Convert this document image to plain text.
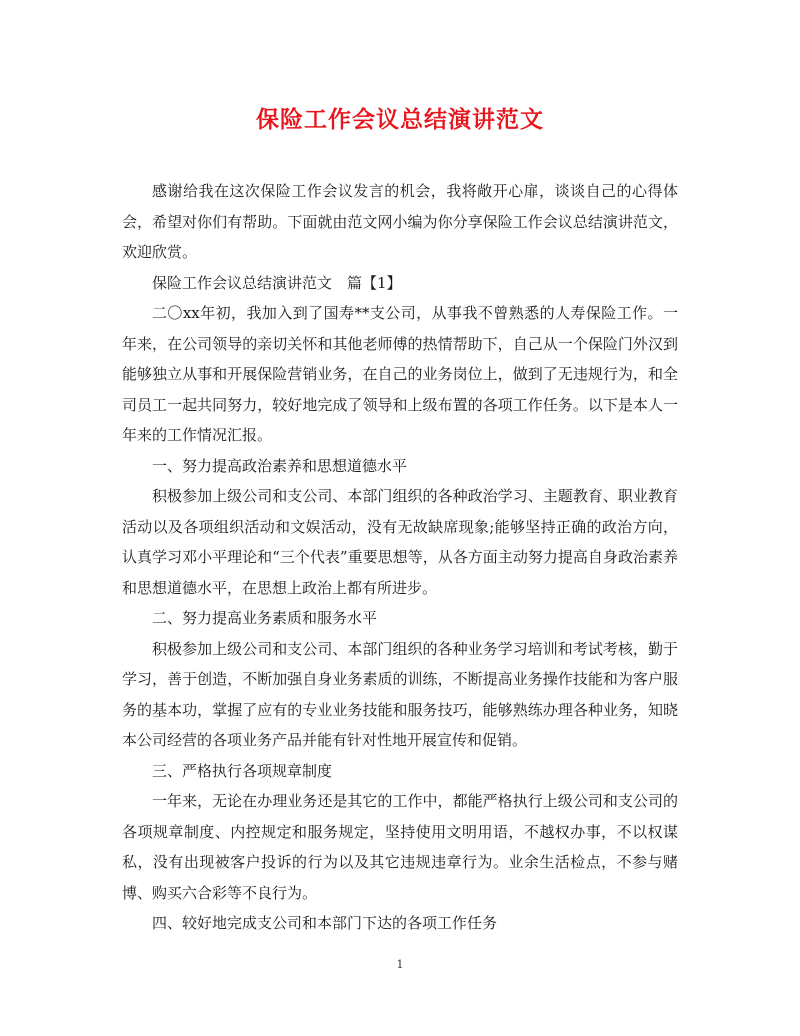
保险工作会议总结演讲范文

感谢给我在这次保险工作会议发言的机会，我将敞开心扉，谈谈自己的心得体会，希望对你们有帮助。下面就由范文网小编为你分享保险工作会议总结演讲范文，欢迎欣赏。

保险工作会议总结演讲范文　篇【1】

二〇xx年初，我加入到了国寿**支公司，从事我不曾熟悉的人寿保险工作。一年来，在公司领导的亲切关怀和其他老师傅的热情帮助下，自己从一个保险门外汉到能够独立从事和开展保险营销业务，在自己的业务岗位上，做到了无违规行为，和全司员工一起共同努力，较好地完成了领导和上级布置的各项工作任务。以下是本人一年来的工作情况汇报。

一、努力提高政治素养和思想道德水平

积极参加上级公司和支公司、本部门组织的各种政治学习、主题教育、职业教育活动以及各项组织活动和文娱活动，没有无故缺席现象;能够坚持正确的政治方向，认真学习邓小平理论和“三个代表”重要思想等，从各方面主动努力提高自身政治素养和思想道德水平，在思想上政治上都有所进步。

二、努力提高业务素质和服务水平

积极参加上级公司和支公司、本部门组织的各种业务学习培训和考试考核，勤于学习，善于创造，不断加强自身业务素质的训练，不断提高业务操作技能和为客户服务的基本功，掌握了应有的专业业务技能和服务技巧，能够熟练办理各种业务，知晓本公司经营的各项业务产品并能有针对性地开展宣传和促销。

三、严格执行各项规章制度

一年来，无论在办理业务还是其它的工作中，都能严格执行上级公司和支公司的各项规章制度、内控规定和服务规定，坚持使用文明用语，不越权办事，不以权谋私，没有出现被客户投诉的行为以及其它违规违章行为。业余生活检点，不参与赌博、购买六合彩等不良行为。

四、较好地完成支公司和本部门下达的各项工作任务

1
